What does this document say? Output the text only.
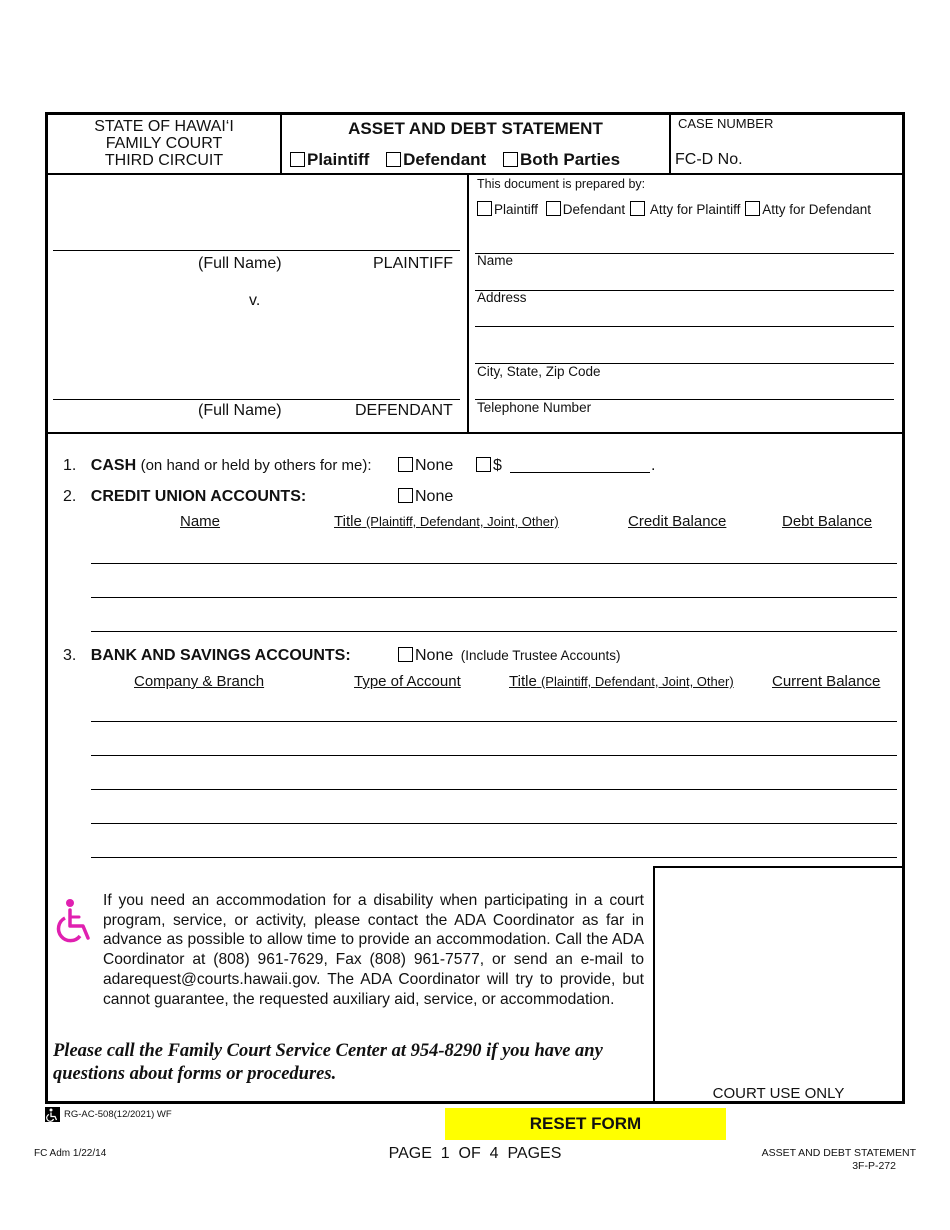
STATE OF HAWAI‘I
FAMILY COURT
THIRD CIRCUIT
ASSET AND DEBT STATEMENT
Plaintiff Defendant Both Parties
CASE NUMBER
FC-D No.
(Full Name)	PLAINTIFF
v.
(Full Name)	DEFENDANT
This document is prepared by:
Plaintiff Defendant Atty for Plaintiff Atty for Defendant
Name
Address
City, State, Zip Code
Telephone Number
1. CASH (on hand or held by others for me):	None	$	.
2. CREDIT UNION ACCOUNTS:	None
Name	Title (Plaintiff, Defendant, Joint, Other)	Credit Balance	Debt Balance
3. BANK AND SAVINGS ACCOUNTS:	None (Include Trustee Accounts)
Company & Branch	Type of Account	Title (Plaintiff, Defendant, Joint, Other)	Current Balance
COURT USE ONLY
If you need an accommodation for a disability when participating in a court program, service, or activity, please contact the ADA Coordinator as far in advance as possible to allow time to provide an accommodation. Call the ADA Coordinator at (808) 961-7629, Fax (808) 961-7577, or send an e-mail to adarequest@courts.hawaii.gov. The ADA Coordinator will try to provide, but cannot guarantee, the requested auxiliary aid, service, or accommodation.
Please call the Family Court Service Center at 954-8290 if you have any questions about forms or procedures.
RG-AC-508(12/2021) WF	RESET FORM
FC Adm 1/22/14	PAGE  1  OF  4  PAGES	ASSET AND DEBT STATEMENT
3F-P-272
